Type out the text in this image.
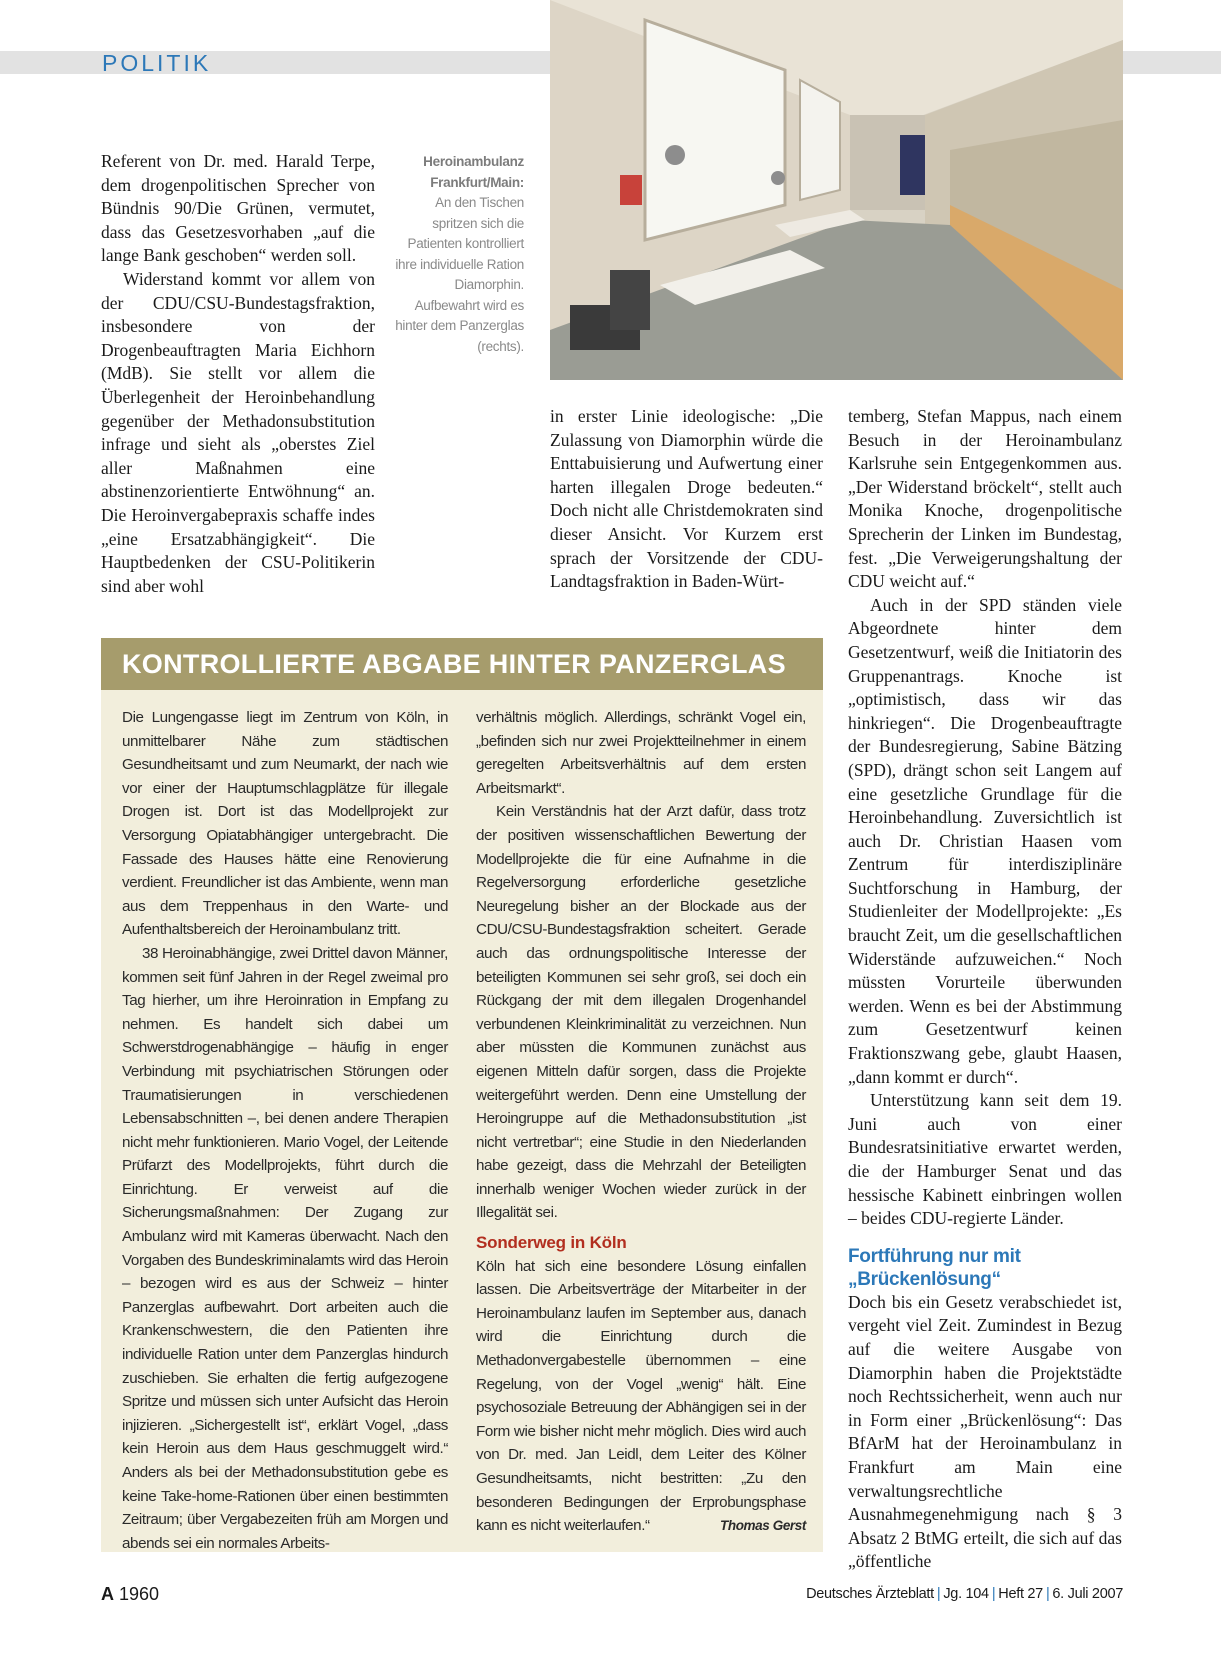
POLITIK
Heroinambulanz Frankfurt/Main:
An den Tischen spritzen sich die Patienten kontrolliert ihre individuelle Ration Diamorphin. Aufbewahrt wird es hinter dem Panzerglas (rechts).

Referent von Dr. med. Harald Terpe, dem drogenpolitischen Sprecher von Bündnis 90/Die Grünen, vermutet, dass das Gesetzesvorhaben „auf die lange Bank geschoben“ werden soll.

Widerstand kommt vor allem von der CDU/CSU-Bundestagsfraktion, insbesondere von der Drogenbeauftragten Maria Eichhorn (MdB). Sie stellt vor allem die Überlegenheit der Heroinbehandlung gegenüber der Methadonsubstitution infrage und sieht als „oberstes Ziel aller Maßnahmen eine abstinenzorientierte Entwöhnung“ an. Die Heroinvergabepraxis schaffe indes „eine Ersatzabhängigkeit“. Die Hauptbedenken der CSU-Politikerin sind aber wohl

in erster Linie ideologische: „Die Zulassung von Diamorphin würde die Enttabuisierung und Aufwertung einer harten illegalen Droge bedeuten.“ Doch nicht alle Christdemokraten sind dieser Ansicht. Vor Kurzem erst sprach der Vorsitzende der CDU-Landtagsfraktion in Baden-Würt-

temberg, Stefan Mappus, nach einem Besuch in der Heroinambulanz Karlsruhe sein Entgegenkommen aus. „Der Widerstand bröckelt“, stellt auch Monika Knoche, drogenpolitische Sprecherin der Linken im Bundestag, fest. „Die Verweigerungshaltung der CDU weicht auf.“

Auch in der SPD ständen viele Abgeordnete hinter dem Gesetzentwurf, weiß die Initiatorin des Gruppenantrags. Knoche ist „optimistisch, dass wir das hinkriegen“. Die Drogenbeauftragte der Bundesregierung, Sabine Bätzing (SPD), drängt schon seit Langem auf eine gesetzliche Grundlage für die Heroinbehandlung. Zuversichtlich ist auch Dr. Christian Haasen vom Zentrum für interdisziplinäre Suchtforschung in Hamburg, der Studienleiter der Modellprojekte: „Es braucht Zeit, um die gesellschaftlichen Widerstände aufzuweichen.“ Noch müssten Vorurteile überwunden werden. Wenn es bei der Abstimmung zum Gesetzentwurf keinen Fraktionszwang gebe, glaubt Haasen, „dann kommt er durch“.

Unterstützung kann seit dem 19. Juni auch von einer Bundesratsinitiative erwartet werden, die der Hamburger Senat und das hessische Kabinett einbringen wollen – beides CDU-regierte Länder.

Fortführung nur mit „Brückenlösung“

Doch bis ein Gesetz verabschiedet ist, vergeht viel Zeit. Zumindest in Bezug auf die weitere Ausgabe von Diamorphin haben die Projektstädte noch Rechtssicherheit, wenn auch nur in Form einer „Brückenlösung“: Das BfArM hat der Heroinambulanz in Frankfurt am Main eine verwaltungsrechtliche Ausnahmegenehmigung nach § 3 Absatz 2 BtMG erteilt, die sich auf das „öffentliche

KONTROLLIERTE ABGABE HINTER PANZERGLAS

Die Lungengasse liegt im Zentrum von Köln, in unmittelbarer Nähe zum städtischen Gesundheitsamt und zum Neumarkt, der nach wie vor einer der Hauptumschlagplätze für illegale Drogen ist. Dort ist das Modellprojekt zur Versorgung Opiatabhängiger untergebracht. Die Fassade des Hauses hätte eine Renovierung verdient. Freundlicher ist das Ambiente, wenn man aus dem Treppenhaus in den Warte- und Aufenthaltsbereich der Heroinambulanz tritt.

38 Heroinabhängige, zwei Drittel davon Männer, kommen seit fünf Jahren in der Regel zweimal pro Tag hierher, um ihre Heroinration in Empfang zu nehmen. Es handelt sich dabei um Schwerstdrogenabhängige – häufig in enger Verbindung mit psychiatrischen Störungen oder Traumatisierungen in verschiedenen Lebensabschnitten –, bei denen andere Therapien nicht mehr funktionieren. Mario Vogel, der Leitende Prüfarzt des Modellprojekts, führt durch die Einrichtung. Er verweist auf die Sicherungsmaßnahmen: Der Zugang zur Ambulanz wird mit Kameras überwacht. Nach den Vorgaben des Bundeskriminalamts wird das Heroin – bezogen wird es aus der Schweiz – hinter Panzerglas aufbewahrt. Dort arbeiten auch die Krankenschwestern, die den Patienten ihre individuelle Ration unter dem Panzerglas hindurch zuschieben. Sie erhalten die fertig aufgezogene Spritze und müssen sich unter Aufsicht das Heroin injizieren. „Sichergestellt ist“, erklärt Vogel, „dass kein Heroin aus dem Haus geschmuggelt wird.“ Anders als bei der Methadonsubstitution gebe es keine Take-home-Rationen über einen bestimmten Zeitraum; über Vergabezeiten früh am Morgen und abends sei ein normales Arbeits-

verhältnis möglich. Allerdings, schränkt Vogel ein, „befinden sich nur zwei Projektteilnehmer in einem geregelten Arbeitsverhältnis auf dem ersten Arbeitsmarkt“.

Kein Verständnis hat der Arzt dafür, dass trotz der positiven wissenschaftlichen Bewertung der Modellprojekte die für eine Aufnahme in die Regelversorgung erforderliche gesetzliche Neuregelung bisher an der Blockade aus der CDU/CSU-Bundestagsfraktion scheitert. Gerade auch das ordnungspolitische Interesse der beteiligten Kommunen sei sehr groß, sei doch ein Rückgang der mit dem illegalen Drogenhandel verbundenen Kleinkriminalität zu verzeichnen. Nun aber müssten die Kommunen zunächst aus eigenen Mitteln dafür sorgen, dass die Projekte weitergeführt werden. Denn eine Umstellung der Heroingruppe auf die Methadonsubstitution „ist nicht vertretbar“; eine Studie in den Niederlanden habe gezeigt, dass die Mehrzahl der Beteiligten innerhalb weniger Wochen wieder zurück in der Illegalität sei.

Sonderweg in Köln

Köln hat sich eine besondere Lösung einfallen lassen. Die Arbeitsverträge der Mitarbeiter in der Heroinambulanz laufen im September aus, danach wird die Einrichtung durch die Methadonvergabestelle übernommen – eine Regelung, von der Vogel „wenig“ hält. Eine psychosoziale Betreuung der Abhängigen sei in der Form wie bisher nicht mehr möglich. Dies wird auch von Dr. med. Jan Leidl, dem Leiter des Kölner Gesundheitsamts, nicht bestritten: „Zu den besonderen Bedingungen der Erprobungsphase kann es nicht weiterlaufen.“	Thomas Gerst

A 1960	Deutsches Ärzteblatt | Jg. 104 | Heft 27 | 6. Juli 2007
